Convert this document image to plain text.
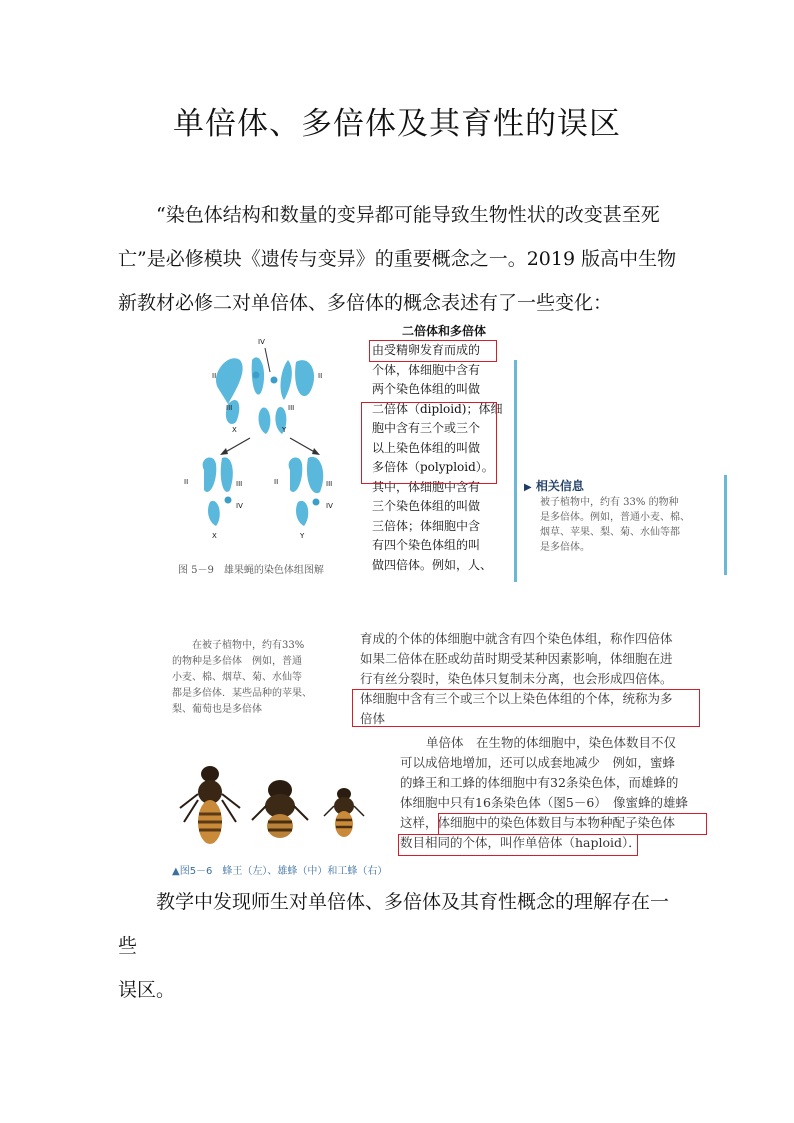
单倍体、多倍体及其育性的误区
“染色体结构和数量的变异都可能导致生物性状的改变甚至死
亡”是必修模块《遗传与变异》的重要概念之一。2019 版高中生物
新教材必修二对单倍体、多倍体的概念表述有了一些变化：
IV
II
III
II
III
X	Y
II	III
IV
X
II	III
IV
Y
图 5－9　雄果蝇的染色体组图解
二倍体和多倍体
由受精卵发育而成的
个体，体细胞中含有
两个染色体组的叫做
二倍体（diploid)；体细
胞中含有三个或三个
以上染色体组的叫做
多倍体（polyploid）。
其中，体细胞中含有
三个染色体组的叫做
三倍体；体细胞中含
有四个染色体组的叫
做四倍体。例如，人、
▶ 相关信息
被子植物中，约有 33% 的物种
是多倍体。例如，普通小麦、棉、
烟草、苹果、梨、菊、水仙等都
是多倍体。
在被子植物中，约有33%
的物种是多倍体　例如，普通
小麦、棉、烟草、菊、水仙等
都是多倍体．某些品种的苹果、
梨、葡萄也是多倍体
育成的个体的体细胞中就含有四个染色体组，称作四倍体
如果二倍体在胚或幼苗时期受某种因素影响，体细胞在进
行有丝分裂时，染色体只复制未分离，也会形成四倍体。
体细胞中含有三个或三个以上染色体组的个体，统称为多
倍体
▲图5－6　蜂王（左）、雄蜂（中）和工蜂（右）
单倍体　在生物的体细胞中，染色体数目不仅
可以成倍地增加，还可以成套地减少　例如，蜜蜂
的蜂王和工蜂的体细胞中有32条染色体，而雄蜂的
体细胞中只有16条染色体（图5－6）　像蜜蜂的雄蜂
这样，体细胞中的染色体数目与本物种配子染色体
数目相同的个体，叫作单倍体（haploid）．
教学中发现师生对单倍体、多倍体及其育性概念的理解存在一些
误区。
